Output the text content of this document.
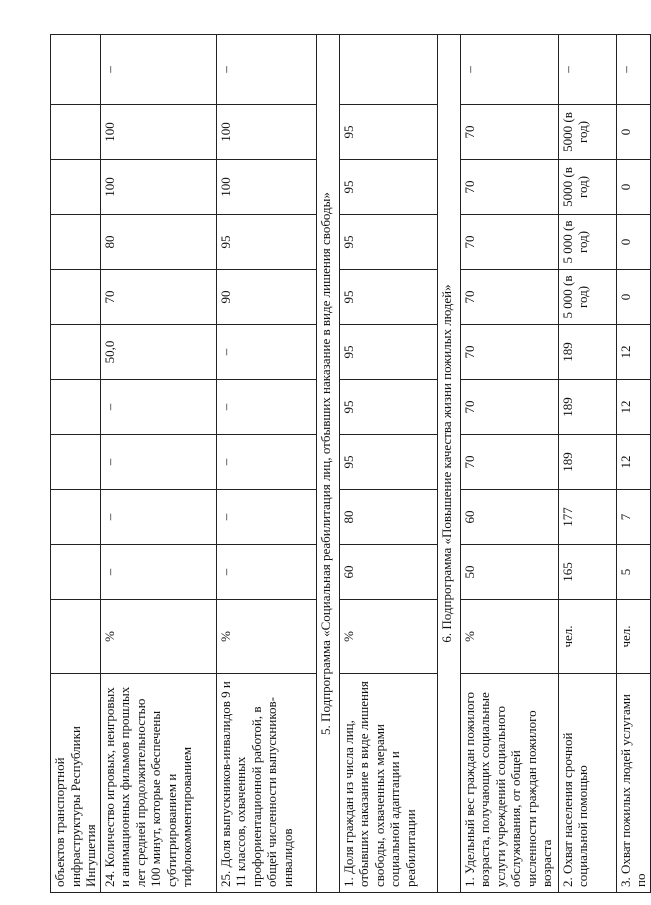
объектов транспортной инфраструктуры Республики Ингушетия											
24. Количество игровых, неигровых и анимационных фильмов прошлых лет средней продолжительностью 100 минут, которые обеспечены субтитрированием и тифлокомментированием	%	–	–	–	–	50,0	70	80	100	100	–
25. Доля выпускников-инвалидов 9 и 11 классов, охваченных профориентационной работой, в общей численности выпускников-инвалидов	%	–	–	–	–	–	90	95	100	100	–
5. Подпрограмма «Социальная реабилитация лиц, отбывших наказание в виде лишения свободы»											
1. Доля граждан из числа лиц, отбывших наказание в виде лишения свободы, охваченных мерами социальной адаптации и реабилитации	%	60	80	95	95	95	95	95	95	95	
6. Подпрограмма «Повышение качества жизни пожилых людей»											
1. Удельный вес граждан пожилого возраста, получающих социальные услуги учреждений социального обслуживания, от общей численности граждан пожилого возраста	%	50	60	70	70	70	70	70	70	70	–
2. Охват населения срочной социальной помощью	чел.	165	177	189	189	189	5 000 (в год)	5 000 (в год)	5000 (в год)	5000 (в год)	–
3. Охват пожилых людей услугами по	чел.	5	7	12	12	12	0	0	0	0	–
